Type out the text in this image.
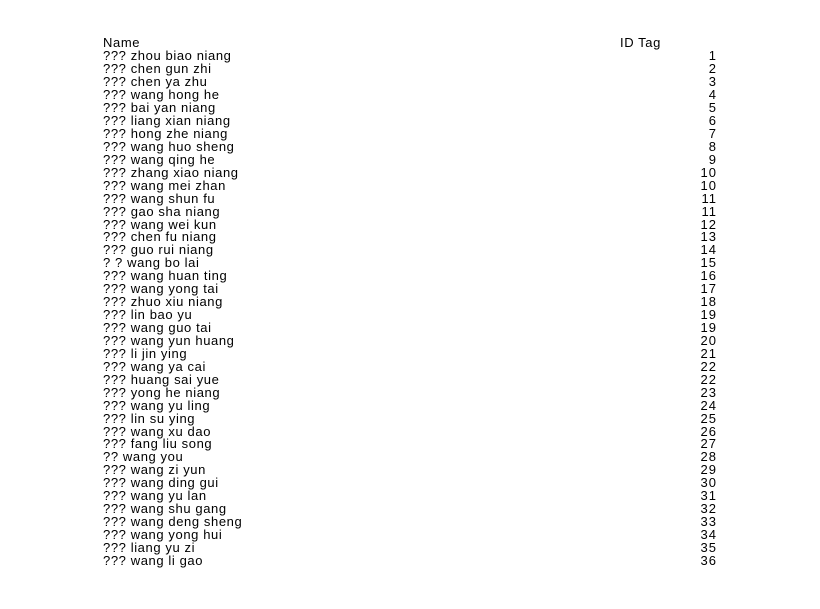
Name	ID Tag
??? zhou biao niang	1
??? chen gun zhi	2
??? chen ya zhu	3
??? wang hong he	4
??? bai yan niang	5
??? liang xian niang	6
??? hong zhe niang	7
??? wang huo sheng	8
??? wang qing he	9
??? zhang xiao niang	10
??? wang mei zhan	10
??? wang shun fu	11
??? gao sha niang	11
??? wang wei kun	12
??? chen fu niang	13
??? guo rui niang	14
? ? wang bo lai	15
??? wang huan ting	16
??? wang yong tai	17
??? zhuo xiu niang	18
??? lin bao yu	19
??? wang guo tai	19
??? wang yun huang	20
??? li jin ying	21
??? wang ya cai	22
??? huang sai yue	22
??? yong he niang	23
??? wang yu ling	24
??? lin su ying	25
??? wang xu dao	26
??? fang liu song	27
?? wang you	28
??? wang zi yun	29
??? wang ding gui	30
??? wang yu lan	31
??? wang shu gang	32
??? wang deng sheng	33
??? wang yong hui	34
??? liang yu zi	35
??? wang li gao	36
